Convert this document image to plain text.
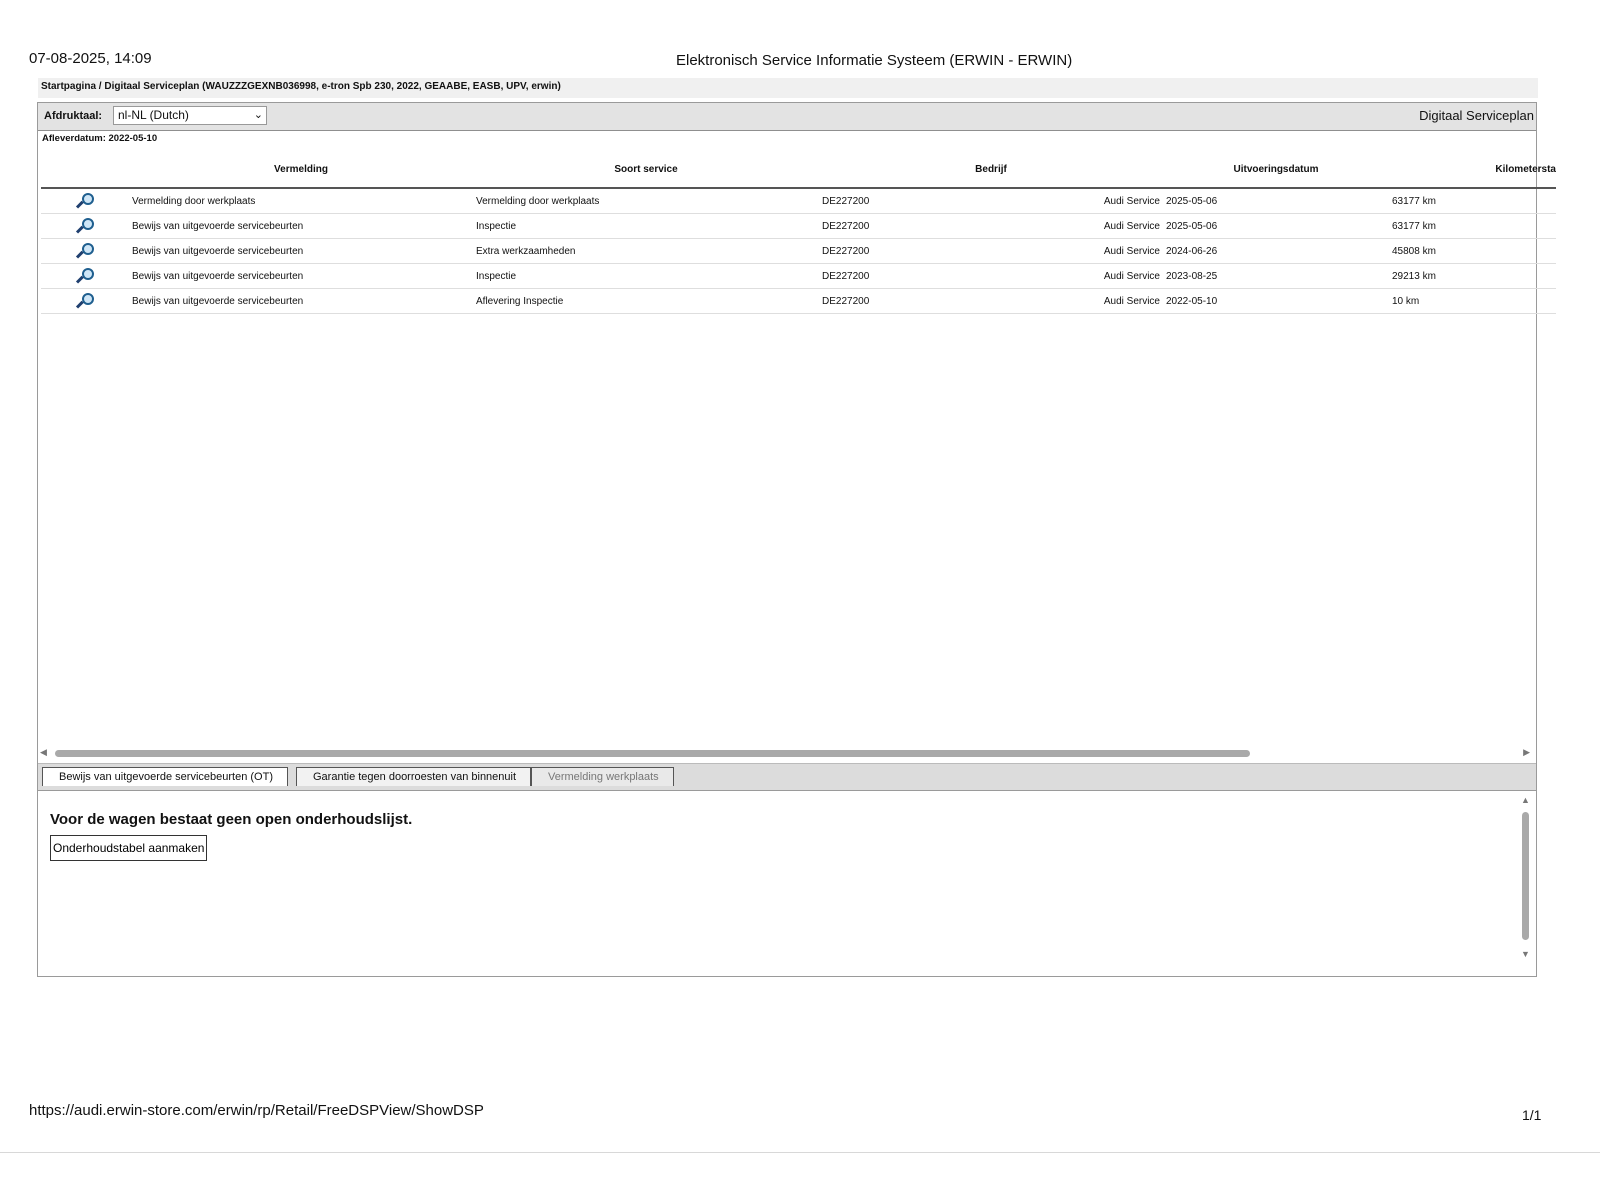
07-08-2025, 14:09	Elektronisch Service Informatie Systeem (ERWIN - ERWIN)
Startpagina / Digitaal Serviceplan (WAUZZZGEXNB036998, e-tron Spb 230, 2022, GEAABE, EASB, UPV, erwin)
Afdruktaal:	nl-NL (Dutch)	⌄	Digitaal Serviceplan
Afleverdatum: 2022-05-10
	Vermelding	Soort service	Bedrijf	Uitvoeringsdatum	Kilometersta

	Vermelding door werkplaats	Vermelding door werkplaats	DE227200 Audi Service	2025-05-06	63177 km

	Bewijs van uitgevoerde servicebeurten	Inspectie	DE227200 Audi Service	2025-05-06	63177 km

	Bewijs van uitgevoerde servicebeurten	Extra werkzaamheden	DE227200 Audi Service	2024-06-26	45808 km

	Bewijs van uitgevoerde servicebeurten	Inspectie	DE227200 Audi Service	2023-08-25	29213 km

	Bewijs van uitgevoerde servicebeurten	Aflevering Inspectie	DE227200 Audi Service	2022-05-10	10 km
◀	▶
Bewijs van uitgevoerde servicebeurten (OT)	Garantie tegen doorroesten van binnenuit	Vermelding werkplaats
Voor de wagen bestaat geen open onderhoudslijst.
Onderhoudstabel aanmaken
▲
▼
https://audi.erwin-store.com/erwin/rp/Retail/FreeDSPView/ShowDSP	1/1
